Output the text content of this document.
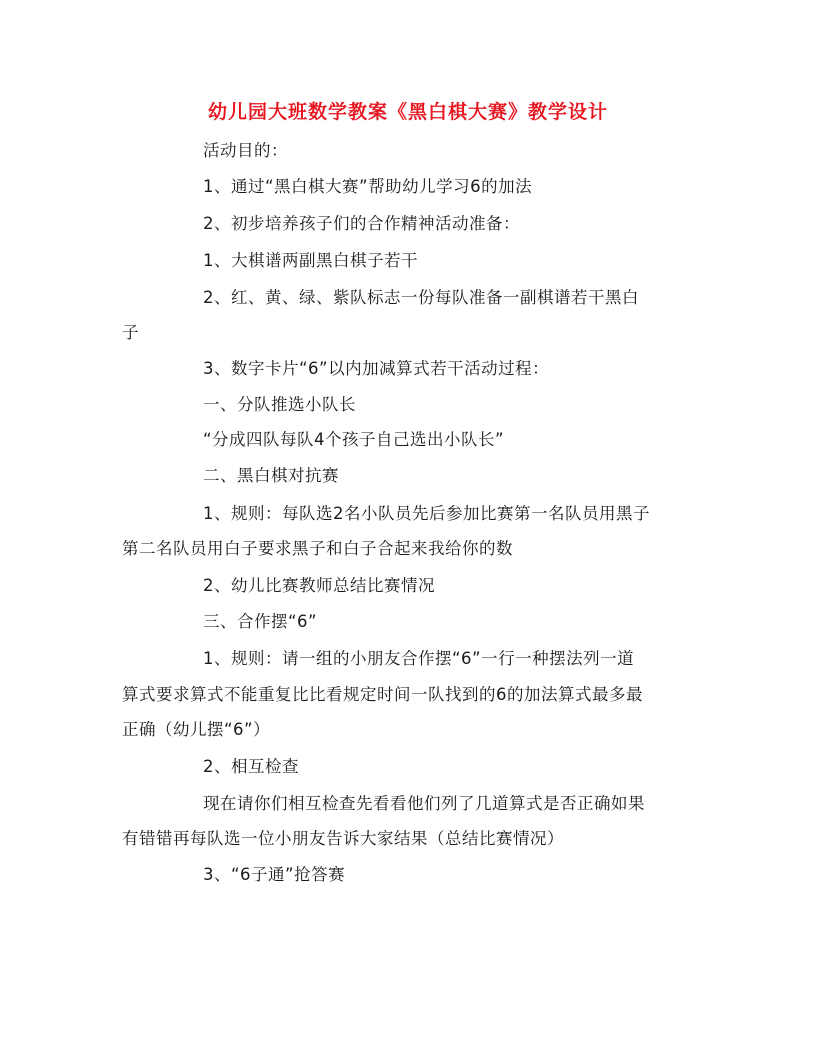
幼儿园大班数学教案《黑白棋大赛》教学设计
活动目的：
1、通过“黑白棋大赛”帮助幼儿学习6的加法
2、初步培养孩子们的合作精神活动准备：
1、大棋谱两副黑白棋子若干
2、红、黄、绿、紫队标志一份每队准备一副棋谱若干黑白
子
3、数字卡片“6”以内加减算式若干活动过程：
一、分队推选小队长
“分成四队每队4个孩子自己选出小队长”
二、黑白棋对抗赛
1、规则：每队选2名小队员先后参加比赛第一名队员用黑子
第二名队员用白子要求黑子和白子合起来我给你的数
2、幼儿比赛教师总结比赛情况
三、合作摆“6”
1、规则：请一组的小朋友合作摆“6”一行一种摆法列一道
算式要求算式不能重复比比看规定时间一队找到的6的加法算式最多最
正确（幼儿摆“6”）
2、相互检查
现在请你们相互检查先看看他们列了几道算式是否正确如果
有错错再每队选一位小朋友告诉大家结果（总结比赛情况）
3、“6子通”抢答赛
